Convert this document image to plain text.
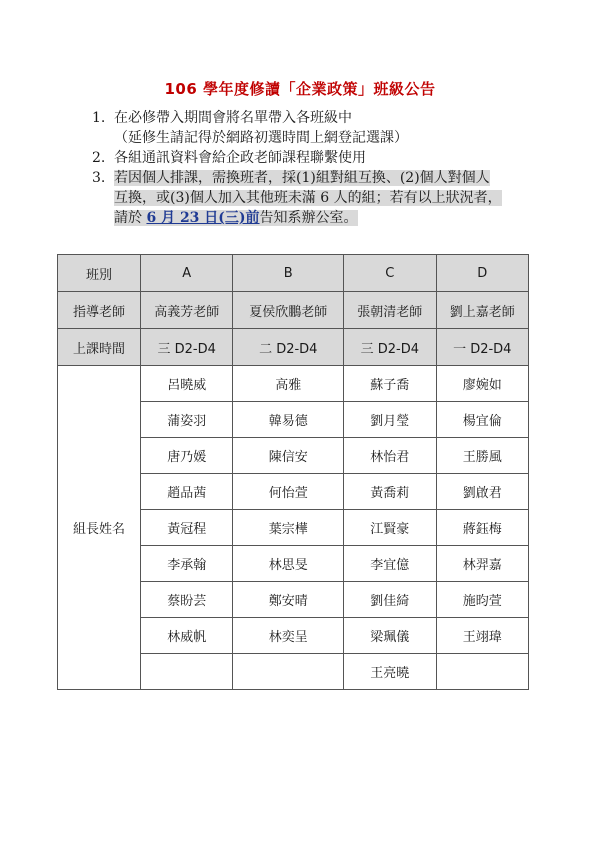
106 學年度修讀「企業政策」班級公告
1. 在必修帶入期間會將名單帶入各班級中
（延修生請記得於網路初選時間上網登記選課）
2. 各組通訊資料會給企政老師課程聯繫使用
3. 若因個人排課，需換班者，採(1)組對組互換、(2)個人對個人
互換，或(3)個人加入其他班未滿 6 人的組；若有以上狀況者，
請於 6 月 23 日(三)前告知系辦公室。
班別	A	B	C	D
指導老師	高義芳老師	夏侯欣鵬老師	張朝清老師	劉上嘉老師
上課時間	三 D2-D4	二 D2-D4	三 D2-D4	一 D2-D4
組長姓名	呂曉威	高雅	蘇子喬	廖婉如
	蒲姿羽	韓易德	劉月瑩	楊宜倫
	唐乃媛	陳信安	林怡君	王勝風
	趙品茜	何怡萱	黃喬莉	劉啟君
	黃冠程	葉宗樺	江賢豪	蔣鈺梅
	李承翰	林思旻	李宜億	林羿嘉
	蔡盼芸	鄭安晴	劉佳綺	施昀萱
	林威帆	林奕呈	梁珮儀	王翊瑋
			王亮曉	
